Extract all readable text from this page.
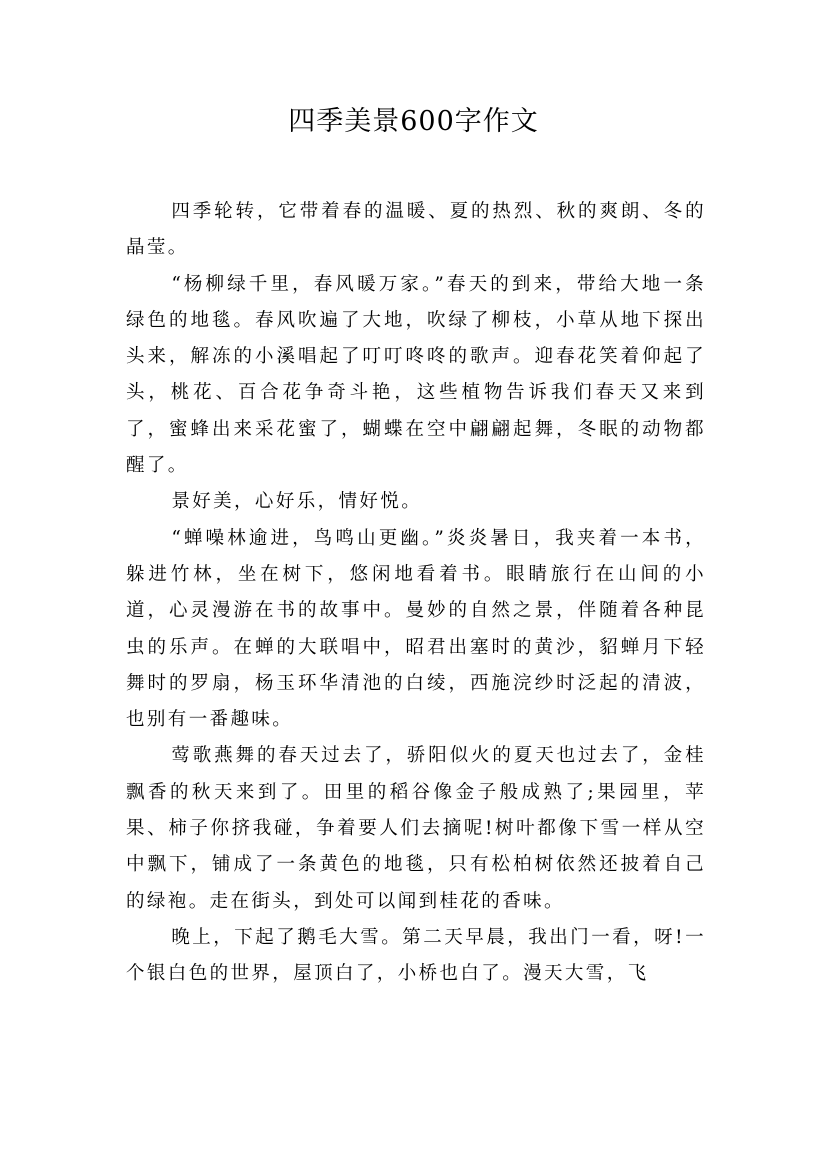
四季美景600字作文

四季轮转，它带着春的温暖、夏的热烈、秋的爽朗、冬的晶莹。

“杨柳绿千里，春风暖万家。”春天的到来，带给大地一条绿色的地毯。春风吹遍了大地，吹绿了柳枝，小草从地下探出头来，解冻的小溪唱起了叮叮咚咚的歌声。迎春花笑着仰起了头，桃花、百合花争奇斗艳，这些植物告诉我们春天又来到了，蜜蜂出来采花蜜了，蝴蝶在空中翩翩起舞，冬眠的动物都醒了。

景好美，心好乐，情好悦。

“蝉噪林逾进，鸟鸣山更幽。”炎炎暑日，我夹着一本书，躲进竹林，坐在树下，悠闲地看着书。眼睛旅行在山间的小道，心灵漫游在书的故事中。曼妙的自然之景，伴随着各种昆虫的乐声。在蝉的大联唱中，昭君出塞时的黄沙，貂蝉月下轻舞时的罗扇，杨玉环华清池的白绫，西施浣纱时泛起的清波，也别有一番趣味。

莺歌燕舞的春天过去了，骄阳似火的夏天也过去了，金桂飘香的秋天来到了。田里的稻谷像金子般成熟了;果园里，苹果、柿子你挤我碰，争着要人们去摘呢!树叶都像下雪一样从空中飘下，铺成了一条黄色的地毯，只有松柏树依然还披着自己的绿袍。走在街头，到处可以闻到桂花的香味。

晚上，下起了鹅毛大雪。第二天早晨，我出门一看，呀!一个银白色的世界，屋顶白了，小桥也白了。漫天大雪，飞
